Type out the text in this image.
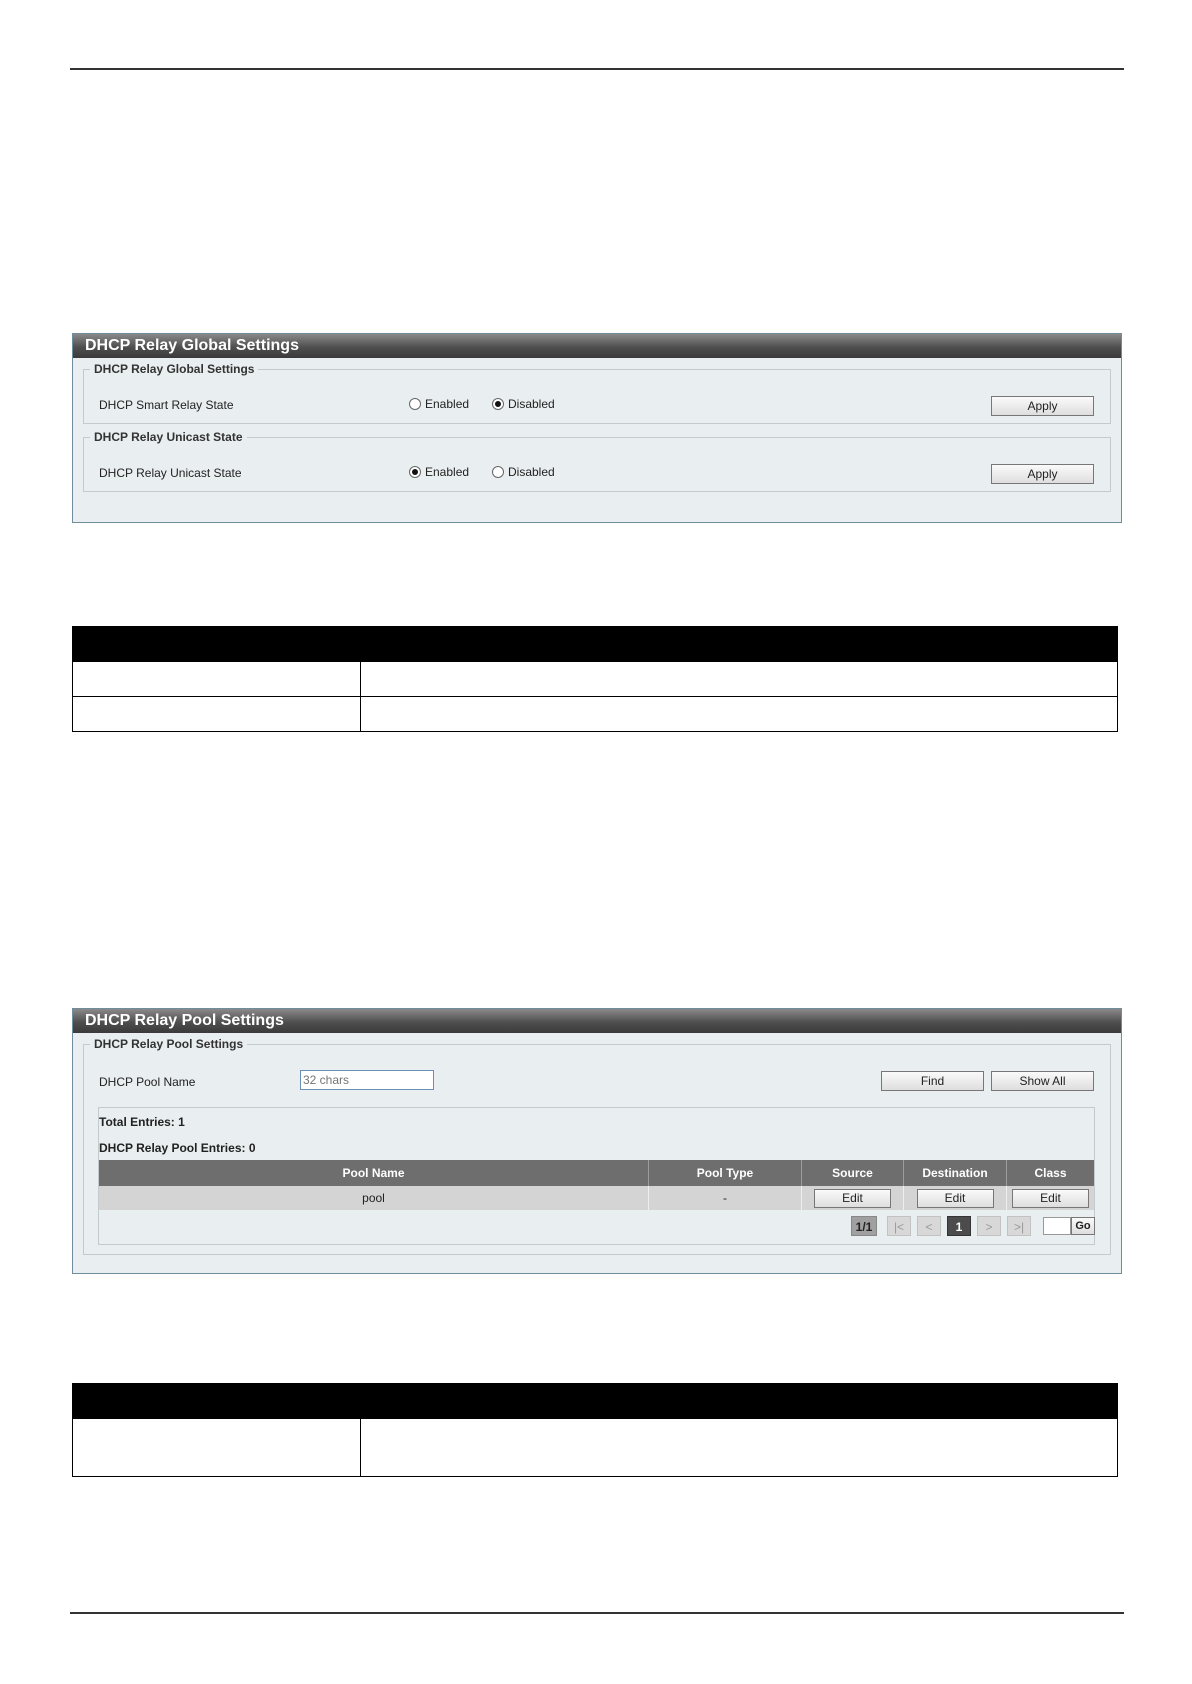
DHCP Relay Global Settings
DHCP Relay Global Settings
DHCP Smart Relay State	Enabled	Disabled	Apply
DHCP Relay Unicast State
DHCP Relay Unicast State	Enabled	Disabled	Apply

DHCP Relay Pool Settings
DHCP Relay Pool Settings
DHCP Pool Name
32 chars	Find	Show All
Total Entries: 1
DHCP Relay Pool Entries: 0
Pool Name	Pool Type	Source	Destination	Class
pool	-	Edit	Edit	Edit
1/1	|<	<	1	>	>|	Go
